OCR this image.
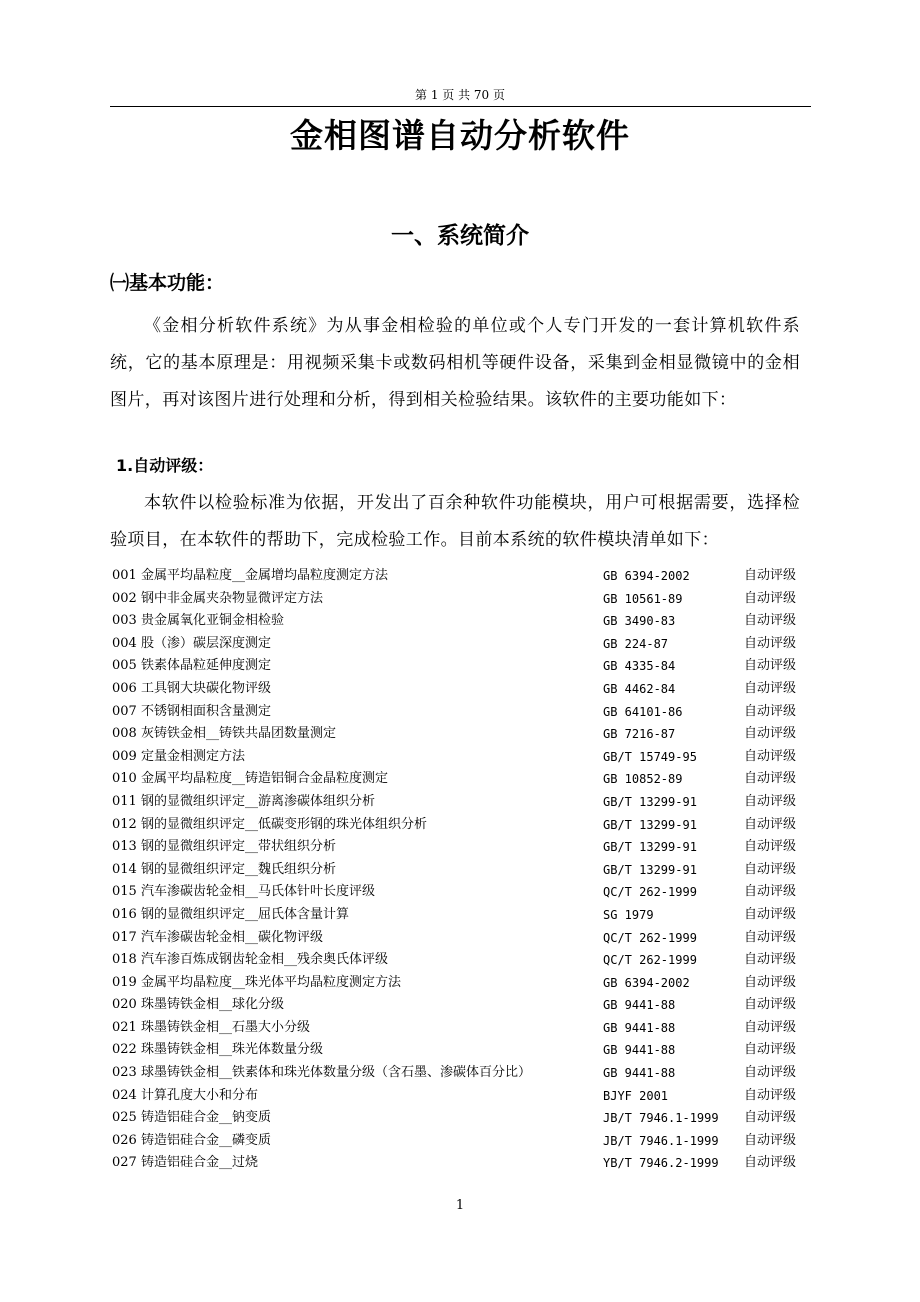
第 1 页 共 70 页
金相图谱自动分析软件
一、系统简介
㈠基本功能：

《金相分析软件系统》为从事金相检验的单位或个人专门开发的一套计算机软件系统，它的基本原理是：用视频采集卡或数码相机等硬件设备，采集到金相显微镜中的金相图片，再对该图片进行处理和分析，得到相关检验结果。该软件的主要功能如下：

1.自动评级：

本软件以检验标准为依据，开发出了百余种软件功能模块，用户可根据需要，选择检验项目，在本软件的帮助下，完成检验工作。目前本系统的软件模块清单如下：

001 金属平均晶粒度__金属增均晶粒度测定方法	GB 6394-2002	自动评级
002 钢中非金属夹杂物显微评定方法	GB 10561-89	自动评级
003 贵金属氧化亚铜金相检验	GB 3490-83	自动评级
004 股（渗）碳层深度测定	GB 224-87	自动评级
005 铁素体晶粒延伸度测定	GB 4335-84	自动评级
006 工具钢大块碳化物评级	GB 4462-84	自动评级
007 不锈钢相面积含量测定	GB 64101-86	自动评级
008 灰铸铁金相__铸铁共晶团数量测定	GB 7216-87	自动评级
009 定量金相测定方法	GB/T 15749-95	自动评级
010 金属平均晶粒度__铸造铝铜合金晶粒度测定	GB 10852-89	自动评级
011 钢的显微组织评定__游离渗碳体组织分析	GB/T 13299-91	自动评级
012 钢的显微组织评定__低碳变形钢的珠光体组织分析	GB/T 13299-91	自动评级
013 钢的显微组织评定__带状组织分析	GB/T 13299-91	自动评级
014 钢的显微组织评定__魏氏组织分析	GB/T 13299-91	自动评级
015 汽车渗碳齿轮金相__马氏体针叶长度评级	QC/T 262-1999	自动评级
016 钢的显微组织评定__屈氏体含量计算	SG 1979	自动评级
017 汽车渗碳齿轮金相__碳化物评级	QC/T 262-1999	自动评级
018 汽车渗百炼成钢齿轮金相__残余奥氏体评级	QC/T 262-1999	自动评级
019 金属平均晶粒度__珠光体平均晶粒度测定方法	GB 6394-2002	自动评级
020 珠墨铸铁金相__球化分级	GB 9441-88	自动评级
021 珠墨铸铁金相__石墨大小分级	GB 9441-88	自动评级
022 珠墨铸铁金相__珠光体数量分级	GB 9441-88	自动评级
023 球墨铸铁金相__铁素体和珠光体数量分级（含石墨、渗碳体百分比）	GB 9441-88	自动评级
024 计算孔度大小和分布	BJYF 2001	自动评级
025 铸造铝硅合金__钠变质	JB/T 7946.1-1999 自动评级
026 铸造铝硅合金__磷变质	JB/T 7946.1-1999 自动评级
027 铸造铝硅合金__过烧	YB/T 7946.2-1999 自动评级
1
